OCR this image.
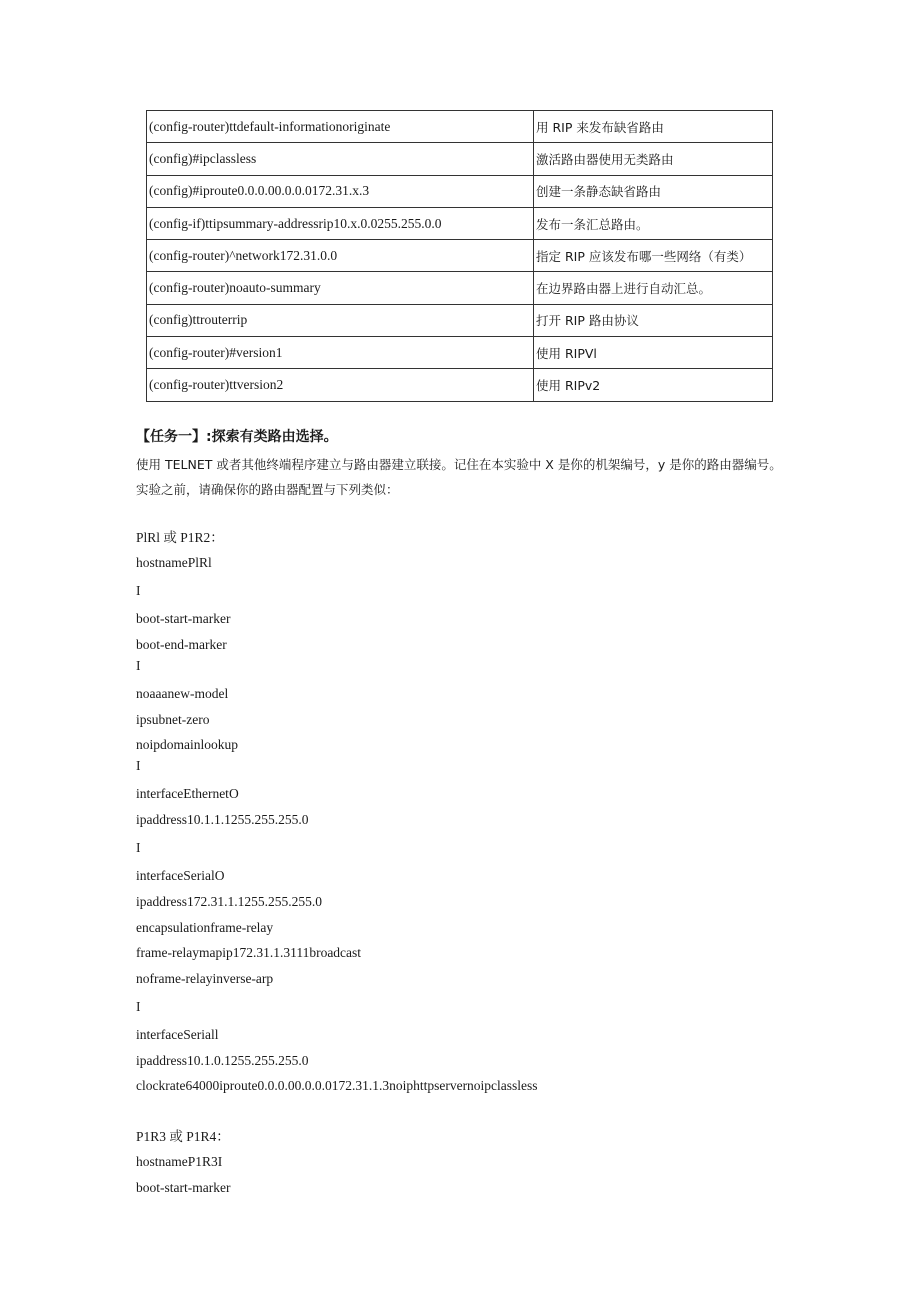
(config-router)ttdefault-informationoriginate	用 RIP 来发布缺省路由
(config)#ipclassless	激活路由器使用无类路由
(config)#iproute0.0.0.00.0.0.0172.31.x.3	创建一条静态缺省路由
(config-if)ttipsummary-addressrip10.x.0.0255.255.0.0	发布一条汇总路由。
(config-router)^network172.31.0.0	指定 RIP 应该发布哪一些网络（有类）
(config-router)noauto-summary	在边界路由器上进行自动汇总。
(config)ttrouterrip	打开 RIP 路由协议
(config-router)#version1	使用 RIPVl
(config-router)ttversion2	使用 RIPv2
【任务一】:探索有类路由选择。
使用 TELNET 或者其他终端程序建立与路由器建立联接。记住在本实验中 X 是你的机架编号，y 是你的路由器编号。
实验之前，请确保你的路由器配置与下列类似：
PlRl 或 P1R2：
hostnamePlRl
I
boot-start-marker
boot-end-marker
I
noaaanew-model
ipsubnet-zero
noipdomainlookup
I
interfaceEthernetO
ipaddress10.1.1.1255.255.255.0
I
interfaceSerialO
ipaddress172.31.1.1255.255.255.0
encapsulationframe-relay
frame-relaymapip172.31.1.3111broadcast
noframe-relayinverse-arp
I
interfaceSeriall
ipaddress10.1.0.1255.255.255.0
clockrate64000iproute0.0.0.00.0.0.0172.31.1.3noiphttpservernoipclassless
P1R3 或 P1R4：
hostnameP1R3I
boot-start-marker
